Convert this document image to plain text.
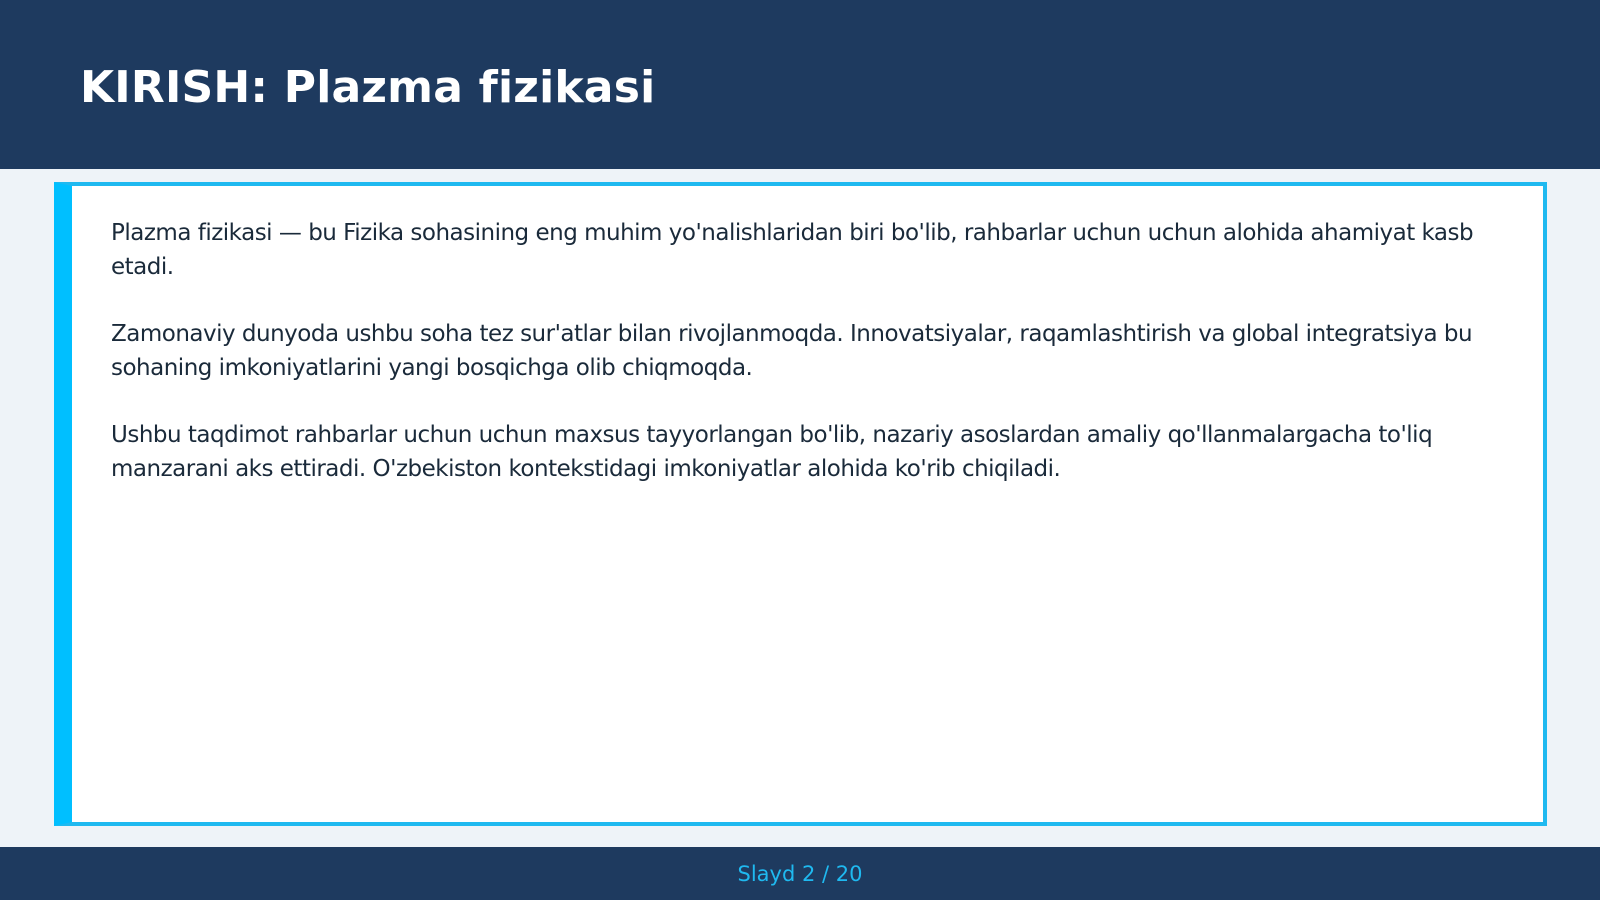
KIRISH: Plazma fizikasi

Plazma fizikasi — bu Fizika sohasining eng muhim yo'nalishlaridan biri bo'lib, rahbarlar uchun uchun alohida ahamiyat kasb etadi.

Zamonaviy dunyoda ushbu soha tez sur'atlar bilan rivojlanmoqda. Innovatsiyalar, raqamlashtirish va global integratsiya bu sohaning imkoniyatlarini yangi bosqichga olib chiqmoqda.

Ushbu taqdimot rahbarlar uchun uchun maxsus tayyorlangan bo'lib, nazariy asoslardan amaliy qo'llanmalargacha to'liq manzarani aks ettiradi. O'zbekiston kontekstidagi imkoniyatlar alohida ko'rib chiqiladi.

Slayd 2 / 20
